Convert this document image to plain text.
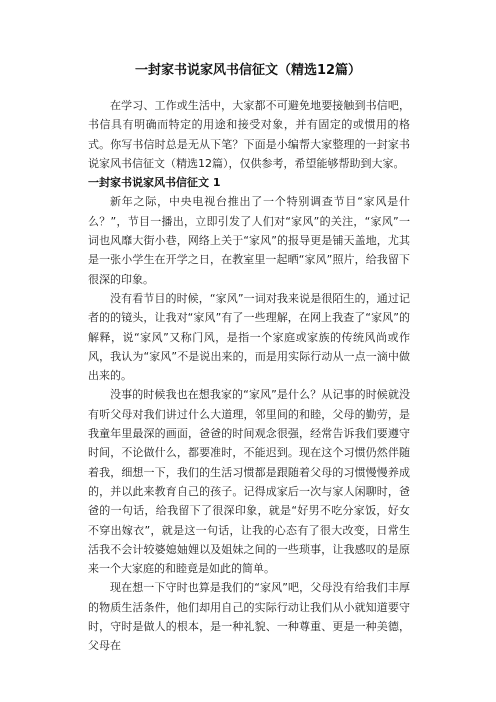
一封家书说家风书信征文（精选12篇）

在学习、工作或生活中，大家都不可避免地要接触到书信吧，书信具有明确而特定的用途和接受对象，并有固定的或惯用的格式。你写书信时总是无从下笔？下面是小编帮大家整理的一封家书说家风书信征文（精选12篇），仅供参考，希望能够帮助到大家。

一封家书说家风书信征文 1

新年之际，中央电视台推出了一个特别调查节目“家风是什么？”，节目一播出，立即引发了人们对“家风”的关注，“家风”一词也风靡大街小巷，网络上关于“家风”的报导更是铺天盖地，尤其是一张小学生在开学之日，在教室里一起晒“家风”照片，给我留下很深的印象。

没有看节目的时候，“家风”一词对我来说是很陌生的，通过记者的的镜头，让我对“家风”有了一些理解，在网上我查了“家风”的解释，说“家风”又称门风，是指一个家庭或家族的传统风尚或作风，我认为“家风”不是说出来的，而是用实际行动从一点一滴中做出来的。

没事的时候我也在想我家的“家风”是什么？从记事的时候就没有听父母对我们讲过什么大道理，邻里间的和睦，父母的勤劳，是我童年里最深的画面，爸爸的时间观念很强，经常告诉我们要遵守时间，不论做什么，都要准时，不能迟到。现在这个习惯仍然伴随着我，细想一下，我们的生活习惯都是跟随着父母的习惯慢慢养成的，并以此来教育自己的孩子。记得成家后一次与家人闲聊时，爸爸的一句话，给我留下了很深印象，就是“好男不吃分家饭，好女不穿出嫁衣”，就是这一句话，让我的心态有了很大改变，日常生活我不会计较婆媳妯娌以及姐妹之间的一些琐事，让我感叹的是原来一个大家庭的和睦竟是如此的简单。

现在想一下守时也算是我们的“家风”吧，父母没有给我们丰厚的物质生活条件，他们却用自己的实际行动让我们从小就知道要守时，守时是做人的根本，是一种礼貌、一种尊重、更是一种美德，父母在
